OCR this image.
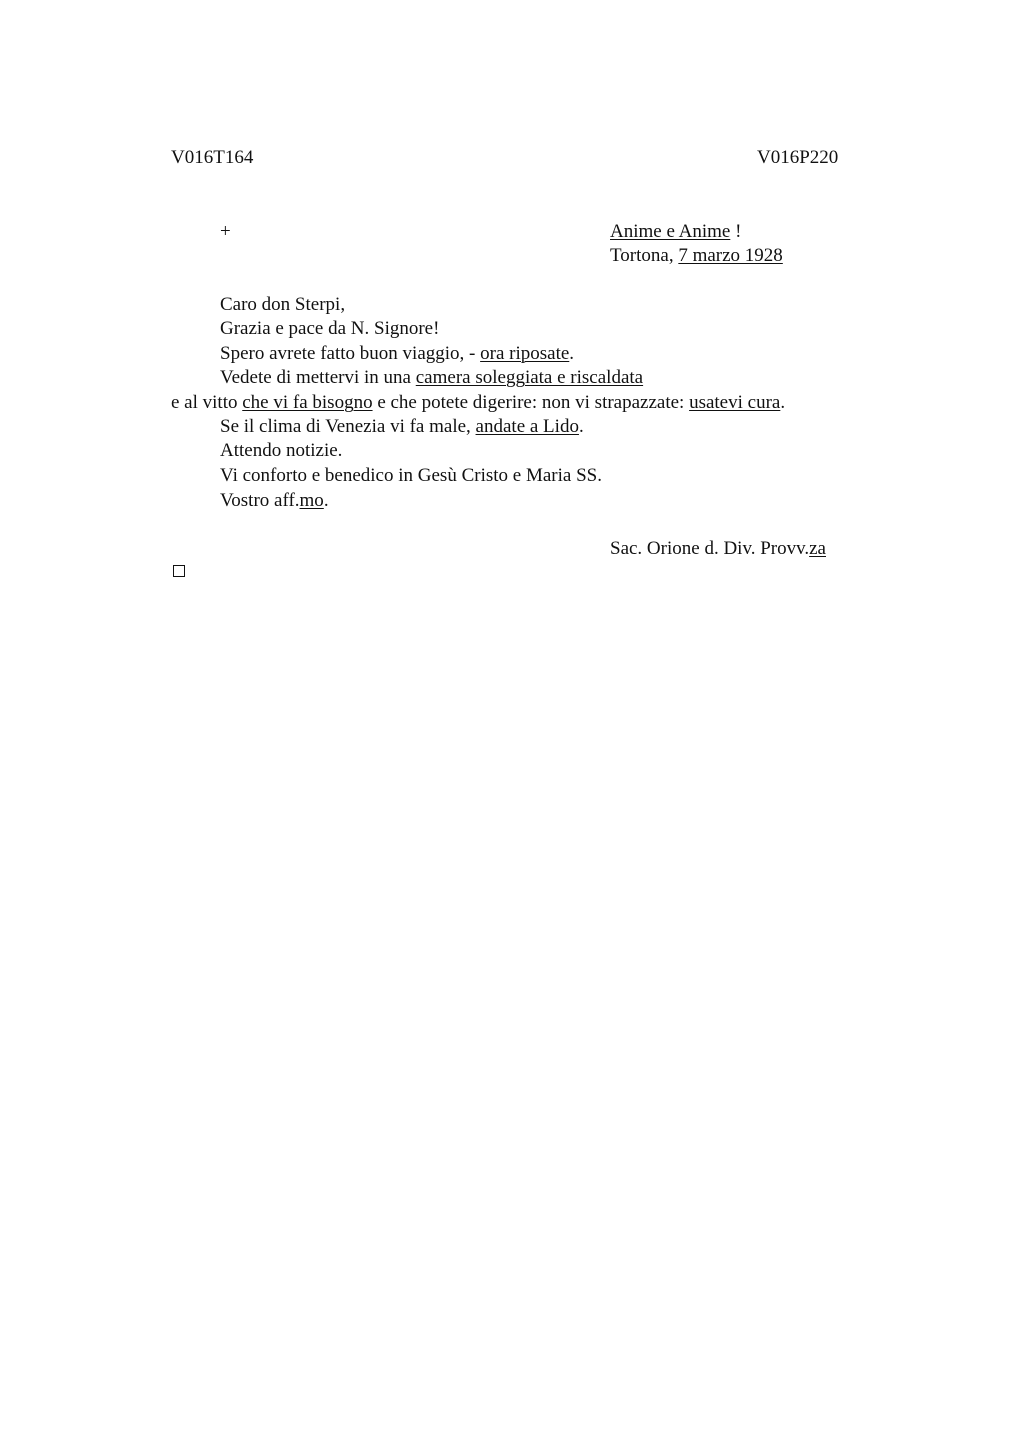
V016T164	V016P220
+	Anime e Anime !
Tortona, 7 marzo 1928
Caro don Sterpi,
Grazia e pace da N. Signore!
Spero avrete fatto buon viaggio, - ora riposate.
Vedete di mettervi in una camera soleggiata e riscaldata
e al vitto che vi fa bisogno e che potete digerire: non vi strapazzate: usatevi cura.
Se il clima di Venezia vi fa male, andate a Lido.
Attendo notizie.
Vi conforto e benedico in Gesù Cristo e Maria SS.
Vostro aff.mo.
Sac. Orione d. Div. Provv.za
